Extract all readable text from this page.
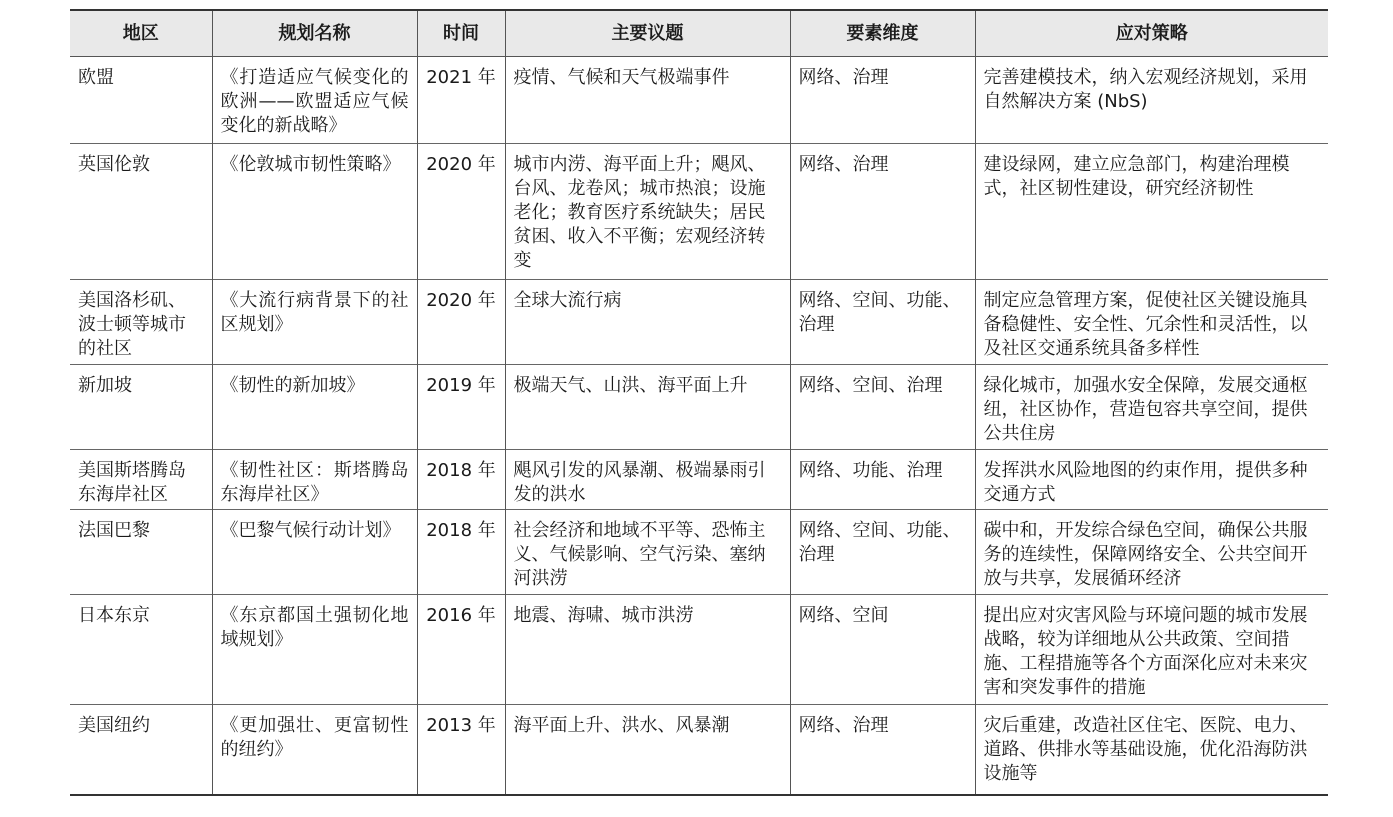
地区	规划名称	时间	主要议题	要素维度	应对策略
欧盟	《打造适应气候变化的欧洲——欧盟适应气候变化的新战略》	2021 年	疫情、气候和天气极端事件	网络、治理	完善建模技术，纳入宏观经济规划，采用自然解决方案 (NbS)
英国伦敦	《伦敦城市韧性策略》	2020 年	城市内涝、海平面上升；飓风、台风、龙卷风；城市热浪；设施老化；教育医疗系统缺失；居民贫困、收入不平衡；宏观经济转变	网络、治理	建设绿网，建立应急部门，构建治理模式，社区韧性建设，研究经济韧性
美国洛杉矶、波士顿等城市的社区	《大流行病背景下的社区规划》	2020 年	全球大流行病	网络、空间、功能、治理	制定应急管理方案，促使社区关键设施具备稳健性、安全性、冗余性和灵活性，以及社区交通系统具备多样性
新加坡	《韧性的新加坡》	2019 年	极端天气、山洪、海平面上升	网络、空间、治理	绿化城市，加强水安全保障，发展交通枢纽，社区协作，营造包容共享空间，提供公共住房
美国斯塔腾岛东海岸社区	《韧性社区：斯塔腾岛东海岸社区》	2018 年	飓风引发的风暴潮、极端暴雨引发的洪水	网络、功能、治理	发挥洪水风险地图的约束作用，提供多种交通方式
法国巴黎	《巴黎气候行动计划》	2018 年	社会经济和地域不平等、恐怖主义、气候影响、空气污染、塞纳河洪涝	网络、空间、功能、治理	碳中和，开发综合绿色空间，确保公共服务的连续性，保障网络安全、公共空间开放与共享，发展循环经济
日本东京	《东京都国土强韧化地域规划》	2016 年	地震、海啸、城市洪涝	网络、空间	提出应对灾害风险与环境问题的城市发展战略，较为详细地从公共政策、空间措施、工程措施等各个方面深化应对未来灾害和突发事件的措施
美国纽约	《更加强壮、更富韧性的纽约》	2013 年	海平面上升、洪水、风暴潮	网络、治理	灾后重建，改造社区住宅、医院、电力、道路、供排水等基础设施，优化沿海防洪设施等
